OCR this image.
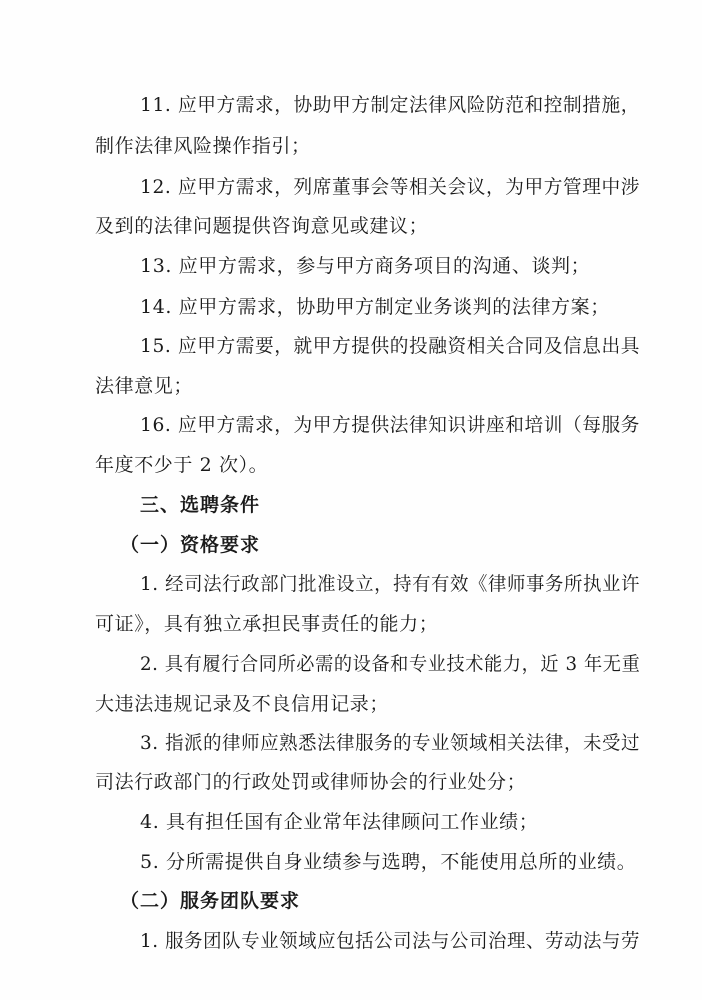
11. 应甲方需求，协助甲方制定法律风险防范和控制措施，
制作法律风险操作指引；
12. 应甲方需求，列席董事会等相关会议，为甲方管理中涉
及到的法律问题提供咨询意见或建议；
13. 应甲方需求，参与甲方商务项目的沟通、谈判；
14. 应甲方需求，协助甲方制定业务谈判的法律方案；
15. 应甲方需要，就甲方提供的投融资相关合同及信息出具
法律意见；
16. 应甲方需求，为甲方提供法律知识讲座和培训（每服务
年度不少于 2 次）。
三、选聘条件
（一）资格要求
1. 经司法行政部门批准设立，持有有效《律师事务所执业许
可证》，具有独立承担民事责任的能力；
2. 具有履行合同所必需的设备和专业技术能力，近 3 年无重
大违法违规记录及不良信用记录；
3. 指派的律师应熟悉法律服务的专业领域相关法律，未受过
司法行政部门的行政处罚或律师协会的行业处分；
4. 具有担任国有企业常年法律顾问工作业绩；
5. 分所需提供自身业绩参与选聘，不能使用总所的业绩。
（二）服务团队要求
1. 服务团队专业领域应包括公司法与公司治理、劳动法与劳
